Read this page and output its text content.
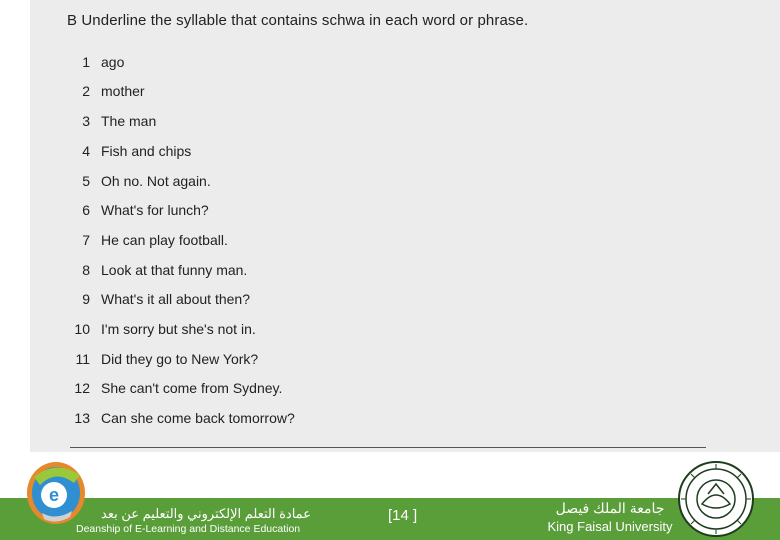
B Underline the syllable that contains schwa in each word or phrase.
1 ago
2 mother
3 The man
4 Fish and chips
5 Oh no. Not again.
6 What's for lunch?
7 He can play football.
8 Look at that funny man.
9 What's it all about then?
10 I'm sorry but she's not in.
11 Did they go to New York?
12 She can't come from Sydney.
13 Can she come back tomorrow?
e
عمادة التعلم الإلكتروني والتعليم عن بعد
Deanship of E-Learning and Distance Education
[14 ]	جامعة الملك فيصل
King Faisal University
